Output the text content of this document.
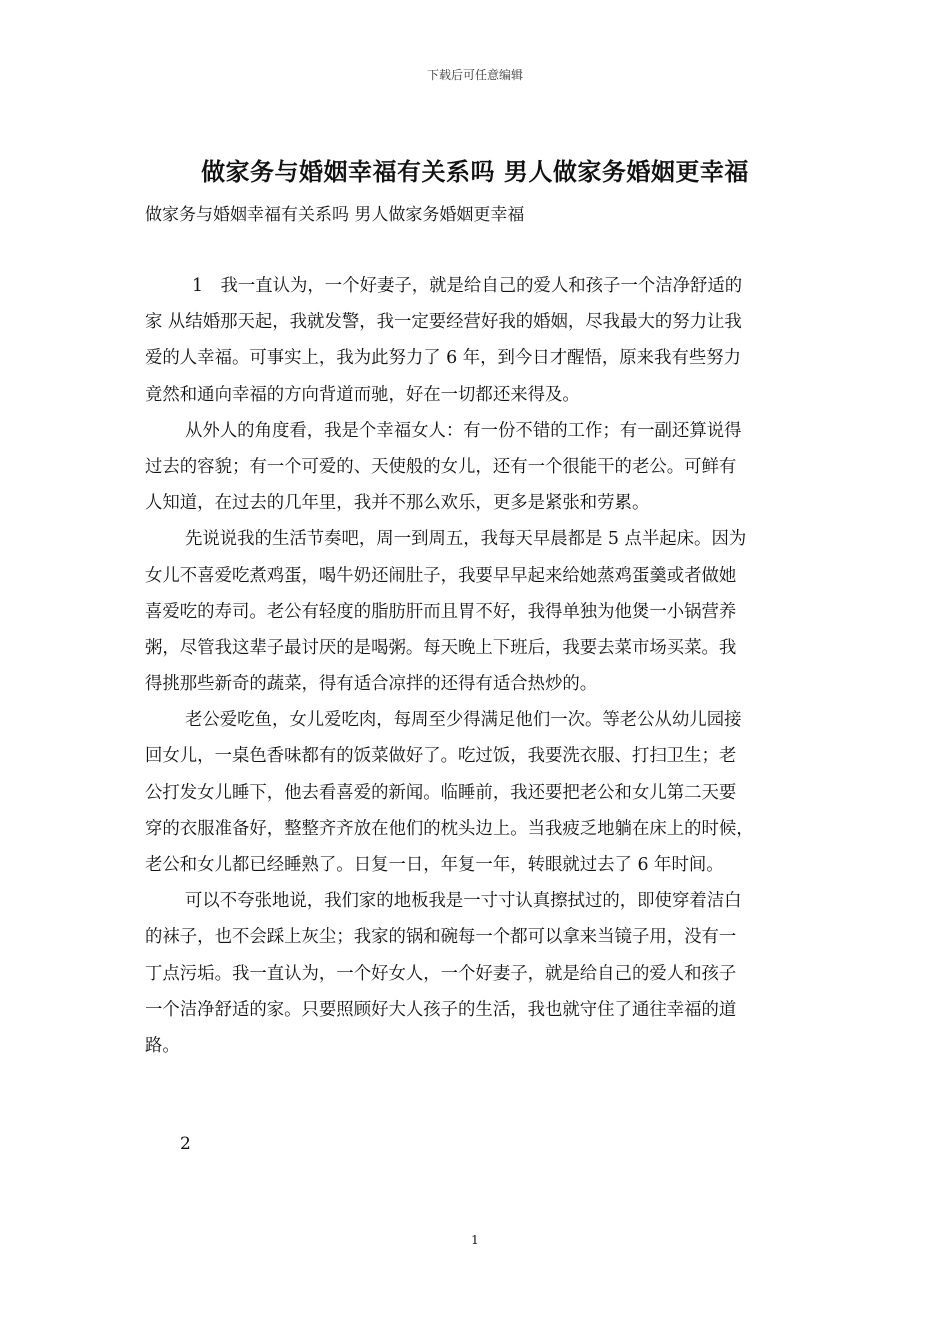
下载后可任意编辑
做家务与婚姻幸福有关系吗 男人做家务婚姻更幸福
做家务与婚姻幸福有关系吗 男人做家务婚姻更幸福
1　我一直认为，一个好妻子，就是给自己的爱人和孩子一个洁净舒适的
家 从结婚那天起，我就发警，我一定要经营好我的婚姻，尽我最大的努力让我
爱的人幸福。可事实上，我为此努力了 6 年，到今日才醒悟，原来我有些努力
竟然和通向幸福的方向背道而驰，好在一切都还来得及。
从外人的角度看，我是个幸福女人：有一份不错的工作；有一副还算说得
过去的容貌；有一个可爱的、天使般的女儿，还有一个很能干的老公。可鲜有
人知道，在过去的几年里，我并不那么欢乐，更多是紧张和劳累。
先说说我的生活节奏吧，周一到周五，我每天早晨都是 5 点半起床。因为
女儿不喜爱吃煮鸡蛋，喝牛奶还闹肚子，我要早早起来给她蒸鸡蛋羹或者做她
喜爱吃的寿司。老公有轻度的脂肪肝而且胃不好，我得单独为他煲一小锅营养
粥，尽管我这辈子最讨厌的是喝粥。每天晚上下班后，我要去菜市场买菜。我
得挑那些新奇的蔬菜，得有适合凉拌的还得有适合热炒的。
老公爱吃鱼，女儿爱吃肉，每周至少得满足他们一次。等老公从幼儿园接
回女儿，一桌色香味都有的饭菜做好了。吃过饭，我要洗衣服、打扫卫生；老
公打发女儿睡下，他去看喜爱的新闻。临睡前，我还要把老公和女儿第二天要
穿的衣服准备好，整整齐齐放在他们的枕头边上。当我疲乏地躺在床上的时候，
老公和女儿都已经睡熟了。日复一日，年复一年，转眼就过去了 6 年时间。
可以不夸张地说，我们家的地板我是一寸寸认真擦拭过的，即使穿着洁白
的袜子，也不会踩上灰尘；我家的锅和碗每一个都可以拿来当镜子用，没有一
丁点污垢。我一直认为，一个好女人，一个好妻子，就是给自己的爱人和孩子
一个洁净舒适的家。只要照顾好大人孩子的生活，我也就守住了通往幸福的道
路。
2
1
